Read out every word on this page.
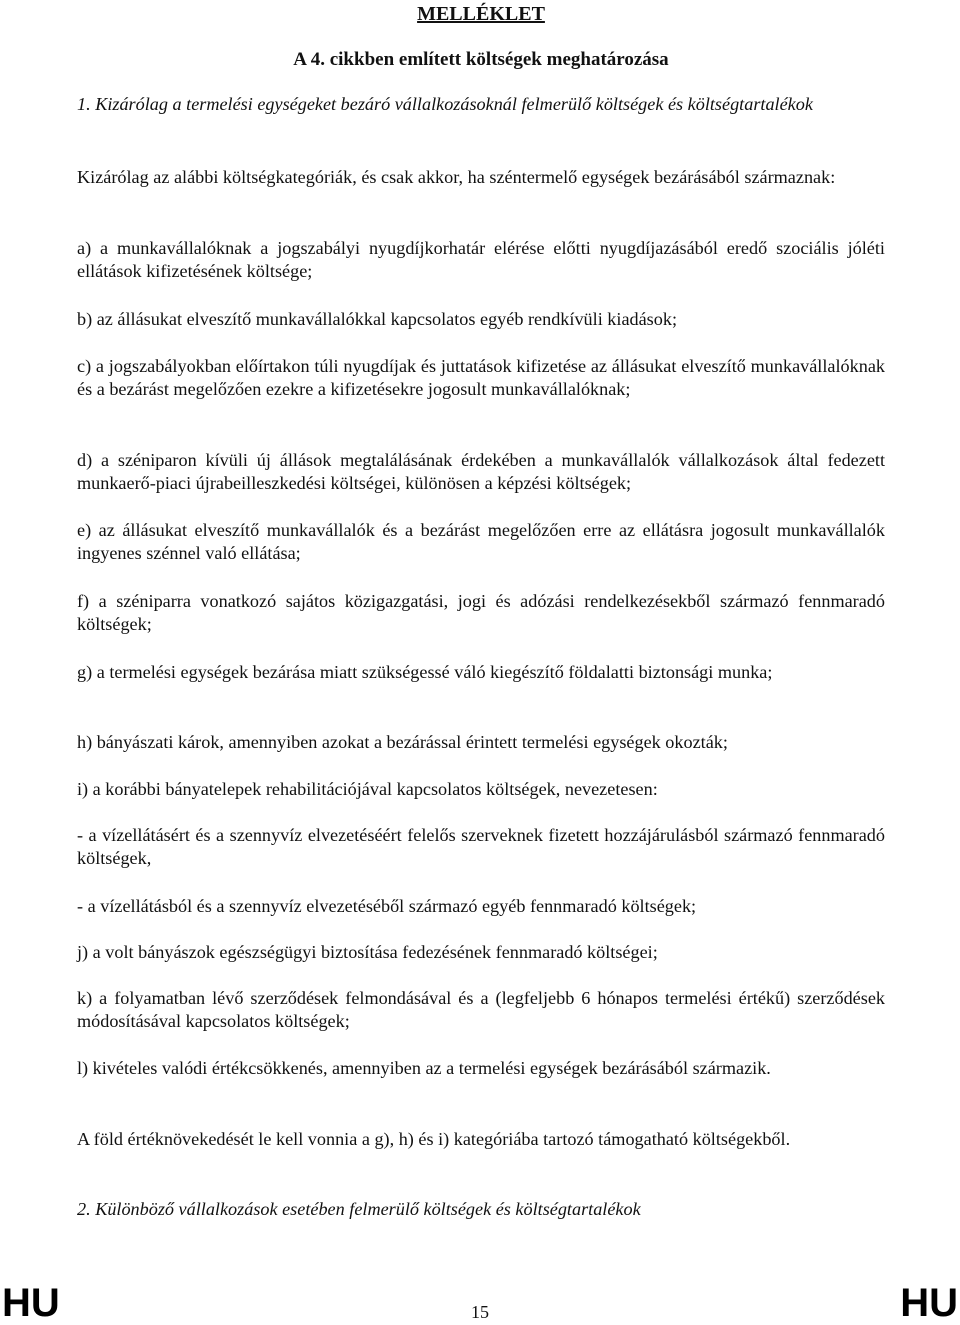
MELLÉKLET
A 4. cikkben említett költségek meghatározása
1. Kizárólag a termelési egységeket bezáró vállalkozásoknál felmerülő költségek és költségtartalékok
Kizárólag az alábbi költségkategóriák, és csak akkor, ha széntermelő egységek bezárásából származnak:
a) a munkavállalóknak a jogszabályi nyugdíjkorhatár elérése előtti nyugdíjazásából eredő szociális jóléti ellátások kifizetésének költsége;
b) az állásukat elveszítő munkavállalókkal kapcsolatos egyéb rendkívüli kiadások;
c) a jogszabályokban előírtakon túli nyugdíjak és juttatások kifizetése az állásukat elveszítő munkavállalóknak és a bezárást megelőzően ezekre a kifizetésekre jogosult munkavállalóknak;
d) a széniparon kívüli új állások megtalálásának érdekében a munkavállalók vállalkozások által fedezett munkaerő-piaci újrabeilleszkedési költségei, különösen a képzési költségek;
e) az állásukat elveszítő munkavállalók és a bezárást megelőzően erre az ellátásra jogosult munkavállalók ingyenes szénnel való ellátása;
f) a széniparra vonatkozó sajátos közigazgatási, jogi és adózási rendelkezésekből származó fennmaradó költségek;
g) a termelési egységek bezárása miatt szükségessé váló kiegészítő földalatti biztonsági munka;
h) bányászati károk, amennyiben azokat a bezárással érintett termelési egységek okozták;
i) a korábbi bányatelepek rehabilitációjával kapcsolatos költségek, nevezetesen:
- a vízellátásért és a szennyvíz elvezetéséért felelős szerveknek fizetett hozzájárulásból származó fennmaradó költségek,
- a vízellátásból és a szennyvíz elvezetéséből származó egyéb fennmaradó költségek;
j) a volt bányászok egészségügyi biztosítása fedezésének fennmaradó költségei;
k) a folyamatban lévő szerződések felmondásával és a (legfeljebb 6 hónapos termelési értékű) szerződések módosításával kapcsolatos költségek;
l) kivételes valódi értékcsökkenés, amennyiben az a termelési egységek bezárásából származik.
A föld értéknövekedését le kell vonnia a g), h) és i) kategóriába tartozó támogatható költségekből.
2. Különböző vállalkozások esetében felmerülő költségek és költségtartalékok
HU	15	HU
